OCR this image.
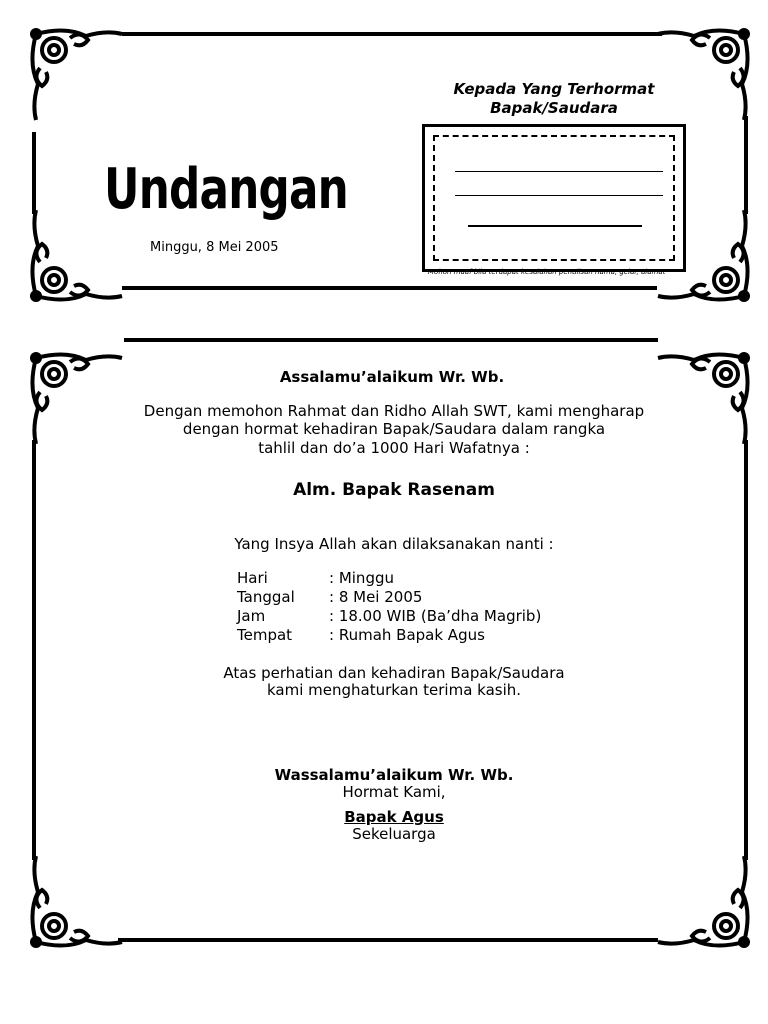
Undangan
Minggu, 8 Mei 2005
Kepada Yang Terhormat
Bapak/Saudara
Mohon maaf bila terdapat kesalahan penulisan nama, gelar, alamat
Assalamu’alaikum Wr. Wb.
Dengan memohon Rahmat dan Ridho Allah SWT, kami mengharap
dengan hormat kehadiran Bapak/Saudara dalam rangka
tahlil dan do’a 1000 Hari Wafatnya :
Alm. Bapak Rasenam
Yang Insya Allah akan dilaksanakan nanti :
Hari	: Minggu
Tanggal : 8 Mei 2005
Jam	: 18.00 WIB (Ba’dha Magrib)
Tempat : Rumah Bapak Agus
Atas perhatian dan kehadiran Bapak/Saudara
kami menghaturkan terima kasih.
Wassalamu’alaikum Wr. Wb.
Hormat Kami,
Bapak Agus
Sekeluarga
